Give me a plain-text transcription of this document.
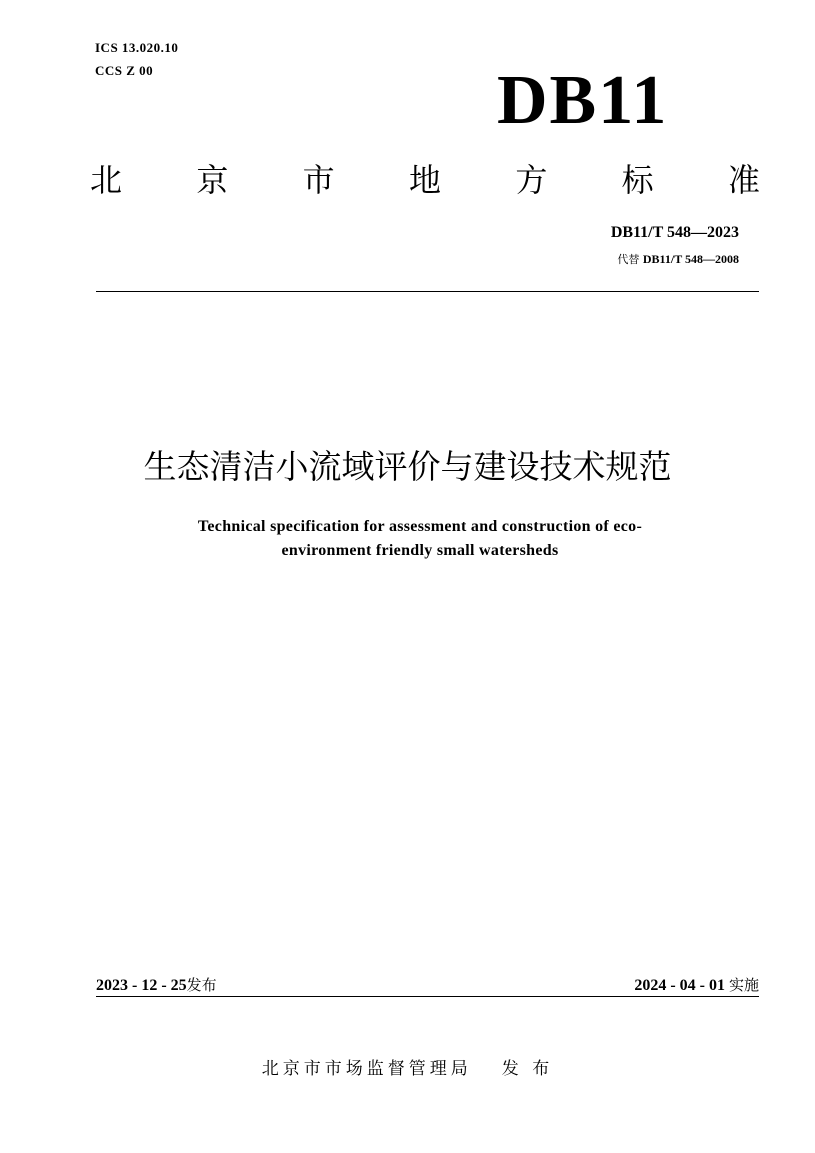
ICS 13.020.10
CCS Z 00	DB11
北 京 市 地 方 标 准
DB11/T 548—2023
代替 DB11/T 548—2008
生态清洁小流域评价与建设技术规范
Technical specification for assessment and construction of eco-
environment friendly small watersheds
2023 - 12 - 25发布	2024 - 04 - 01 实施
北京市市场监督管理局 发 布
